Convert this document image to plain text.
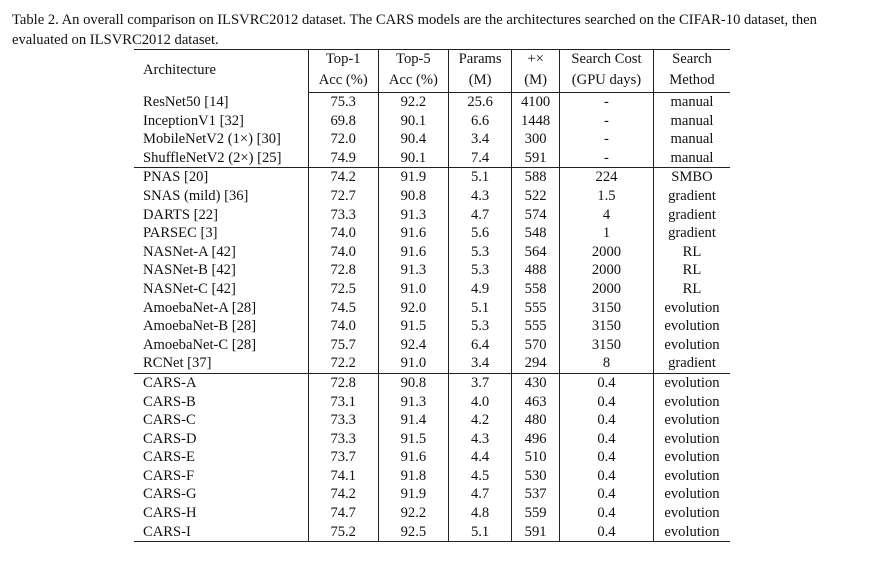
Table 2. An overall comparison on ILSVRC2012 dataset. The CARS models are the architectures searched on the CIFAR-10 dataset, then evaluated on ILSVRC2012 dataset.
Architecture	Top-1	Top-5	Params	+×	Search Cost	Search
	Acc (%)	Acc (%)	(M)	(M)	(GPU days)	Method
ResNet50 [14]	75.3	92.2	25.6	4100	-	manual
InceptionV1 [32]	69.8	90.1	6.6	1448	-	manual
MobileNetV2 (1×) [30]	72.0	90.4	3.4	300	-	manual
ShuffleNetV2 (2×) [25]	74.9	90.1	7.4	591	-	manual
PNAS [20]	74.2	91.9	5.1	588	224	SMBO
SNAS (mild) [36]	72.7	90.8	4.3	522	1.5	gradient
DARTS [22]	73.3	91.3	4.7	574	4	gradient
PARSEC [3]	74.0	91.6	5.6	548	1	gradient
NASNet-A [42]	74.0	91.6	5.3	564	2000	RL
NASNet-B [42]	72.8	91.3	5.3	488	2000	RL
NASNet-C [42]	72.5	91.0	4.9	558	2000	RL
AmoebaNet-A [28]	74.5	92.0	5.1	555	3150	evolution
AmoebaNet-B [28]	74.0	91.5	5.3	555	3150	evolution
AmoebaNet-C [28]	75.7	92.4	6.4	570	3150	evolution
RCNet [37]	72.2	91.0	3.4	294	8	gradient
CARS-A	72.8	90.8	3.7	430	0.4	evolution
CARS-B	73.1	91.3	4.0	463	0.4	evolution
CARS-C	73.3	91.4	4.2	480	0.4	evolution
CARS-D	73.3	91.5	4.3	496	0.4	evolution
CARS-E	73.7	91.6	4.4	510	0.4	evolution
CARS-F	74.1	91.8	4.5	530	0.4	evolution
CARS-G	74.2	91.9	4.7	537	0.4	evolution
CARS-H	74.7	92.2	4.8	559	0.4	evolution
CARS-I	75.2	92.5	5.1	591	0.4	evolution
